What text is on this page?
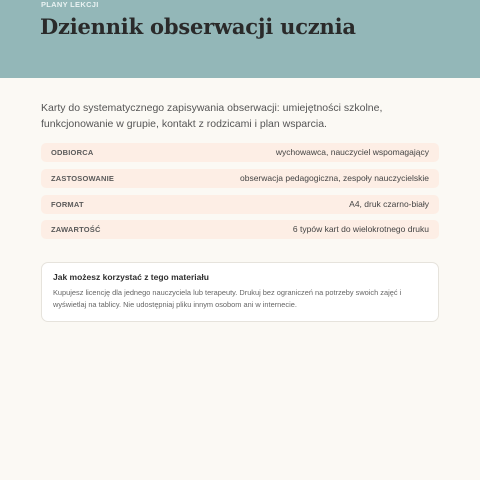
PLANY LEKCJI
Dziennik obserwacji ucznia
Karty do systematycznego zapisywania obserwacji: umiejętności szkolne, funkcjonowanie w grupie, kontakt z rodzicami i plan wsparcia.
ODBIORCA	wychowawca, nauczyciel wspomagający
ZASTOSOWANIE	obserwacja pedagogiczna, zespoły nauczycielskie
FORMAT	A4, druk czarno-biały
ZAWARTOŚĆ	6 typów kart do wielokrotnego druku
Jak możesz korzystać z tego materiału
Kupujesz licencję dla jednego nauczyciela lub terapeuty. Drukuj bez ograniczeń na potrzeby swoich zajęć i wyświetlaj na tablicy. Nie udostępniaj pliku innym osobom ani w internecie.
